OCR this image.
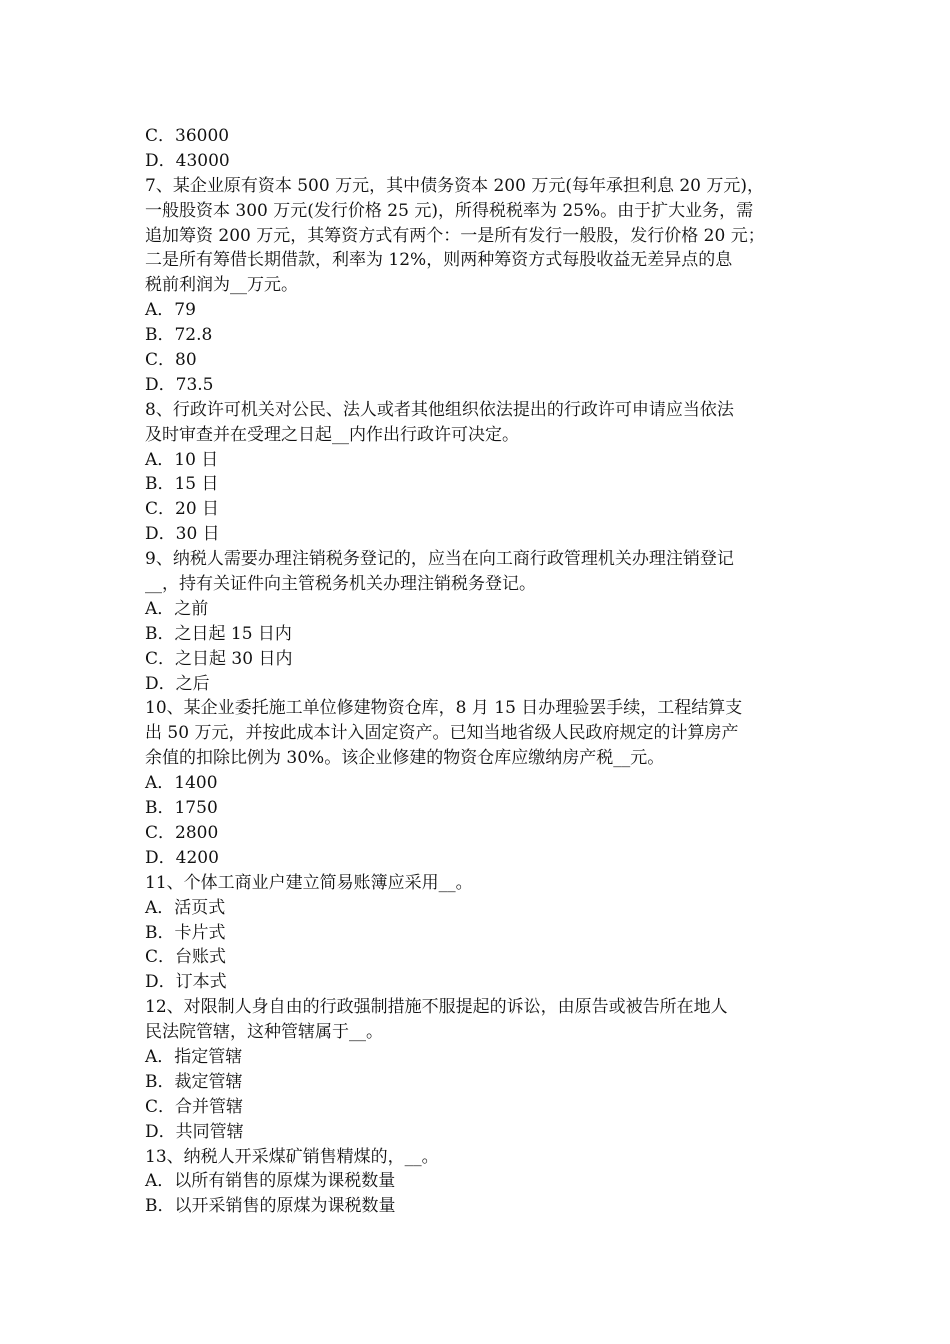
C．36000
D．43000
7、某企业原有资本 500 万元，其中债务资本 200 万元(每年承担利息 20 万元)，
一般股资本 300 万元(发行价格 25 元)，所得税税率为 25%。由于扩大业务，需
追加筹资 200 万元，其筹资方式有两个：一是所有发行一般股，发行价格 20 元；
二是所有筹借长期借款，利率为 12%，则两种筹资方式每股收益无差异点的息
税前利润为__万元。
A．79
B．72.8
C．80
D．73.5
8、行政许可机关对公民、法人或者其他组织依法提出的行政许可申请应当依法
及时审查并在受理之日起__内作出行政许可决定。
A．10 日
B．15 日
C．20 日
D．30 日
9、纳税人需要办理注销税务登记的，应当在向工商行政管理机关办理注销登记
__，持有关证件向主管税务机关办理注销税务登记。
A．之前
B．之日起 15 日内
C．之日起 30 日内
D．之后
10、某企业委托施工单位修建物资仓库，8 月 15 日办理验罢手续，工程结算支
出 50 万元，并按此成本计入固定资产。已知当地省级人民政府规定的计算房产
余值的扣除比例为 30%。该企业修建的物资仓库应缴纳房产税__元。
A．1400
B．1750
C．2800
D．4200
11、个体工商业户建立简易账簿应采用__。
A．活页式
B．卡片式
C．台账式
D．订本式
12、对限制人身自由的行政强制措施不服提起的诉讼，由原告或被告所在地人
民法院管辖，这种管辖属于__。
A．指定管辖
B．裁定管辖
C．合并管辖
D．共同管辖
13、纳税人开采煤矿销售精煤的，__。
A．以所有销售的原煤为课税数量
B．以开采销售的原煤为课税数量
